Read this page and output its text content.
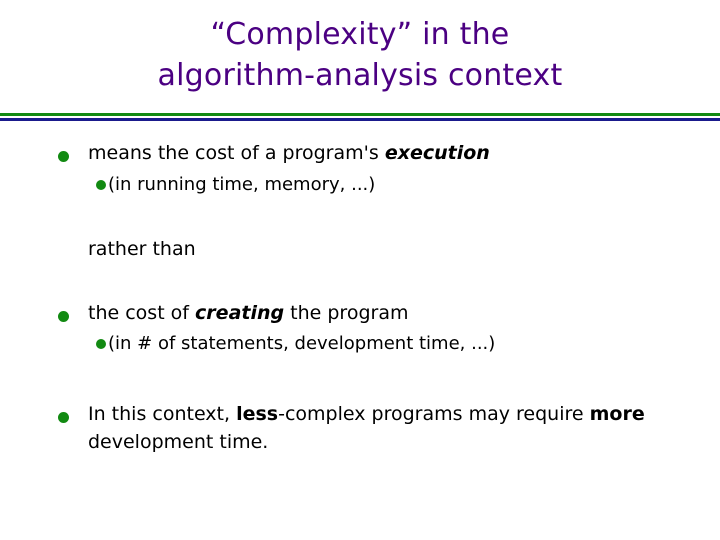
“Complexity” in the
algorithm-analysis context
means the cost of a program's execution
(in running time, memory, ...)
rather than
the cost of creating the program
(in # of statements, development time, ...)
In this context, less-complex programs may require more development time.
